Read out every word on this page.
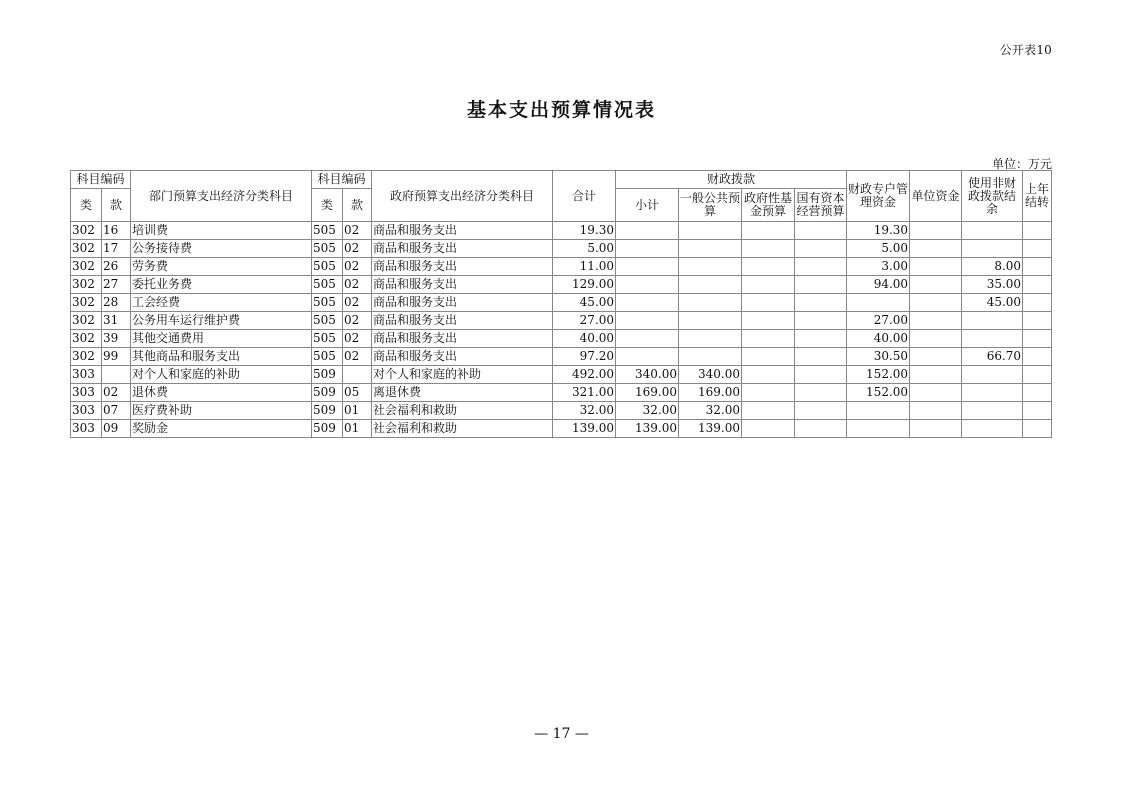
公开表10
基本支出预算情况表
单位：万元
科目编码		部门预算支出经济分类科目	科目编码		政府预算支出经济分类科目	合计	财政拨款				财政专户管理资金	单位资金	使用非财政拨款结余	上年结转
类	款		类	款			小计	一般公共预算	政府性基金预算	国有资本经营预算				
302	16	培训费	505	02	商品和服务支出	19.30					19.30			
302	17	公务接待费	505	02	商品和服务支出	5.00					5.00			
302	26	劳务费	505	02	商品和服务支出	11.00					3.00		8.00	
302	27	委托业务费	505	02	商品和服务支出	129.00					94.00		35.00	
302	28	工会经费	505	02	商品和服务支出	45.00							45.00	
302	31	公务用车运行维护费	505	02	商品和服务支出	27.00					27.00			
302	39	其他交通费用	505	02	商品和服务支出	40.00					40.00			
302	99	其他商品和服务支出	505	02	商品和服务支出	97.20					30.50		66.70	
303		对个人和家庭的补助	509		对个人和家庭的补助	492.00	340.00	340.00			152.00			
303	02	退休费	509	05	离退休费	321.00	169.00	169.00			152.00			
303	07	医疗费补助	509	01	社会福利和救助	32.00	32.00	32.00						
303	09	奖励金	509	01	社会福利和救助	139.00	139.00	139.00						
— 17 —
